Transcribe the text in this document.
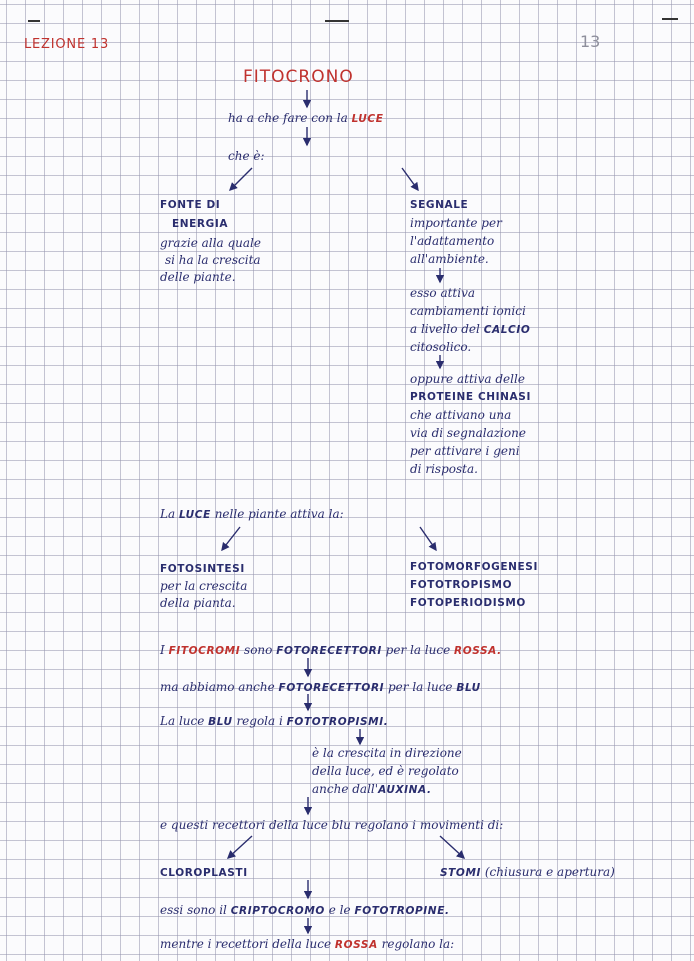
LEZIONE 13	13
FITOCRONO
ha a che fare con la LUCE
che è:
FONTE DI
ENERGIA
grazie alla quale
si ha la crescita
delle piante.
SEGNALE
importante per
l'adattamento
all'ambiente.
esso attiva
cambiamenti ionici
a livello del CALCIO
citosolico.
oppure attiva delle
PROTEINE CHINASI
che attivano una
via di segnalazione
per attivare i geni
di risposta.
La LUCE nelle piante attiva la:
FOTOSINTESI
per la crescita
della pianta.
FOTOMORFOGENESI
FOTOTROPISMO
FOTOPERIODISMO
I FITOCROMI sono FOTORECETTORI per la luce ROSSA.
ma abbiamo anche FOTORECETTORI per la luce BLU
La luce BLU regola i FOTOTROPISMI.
è la crescita in direzione
della luce, ed è regolato
anche dall'AUXINA.
e questi recettori della luce blu regolano i movimenti di:
CLOROPLASTI	STOMI (chiusura e apertura)
essi sono il CRIPTOCROMO e le FOTOTROPINE.
mentre i recettori della luce ROSSA regolano la:
